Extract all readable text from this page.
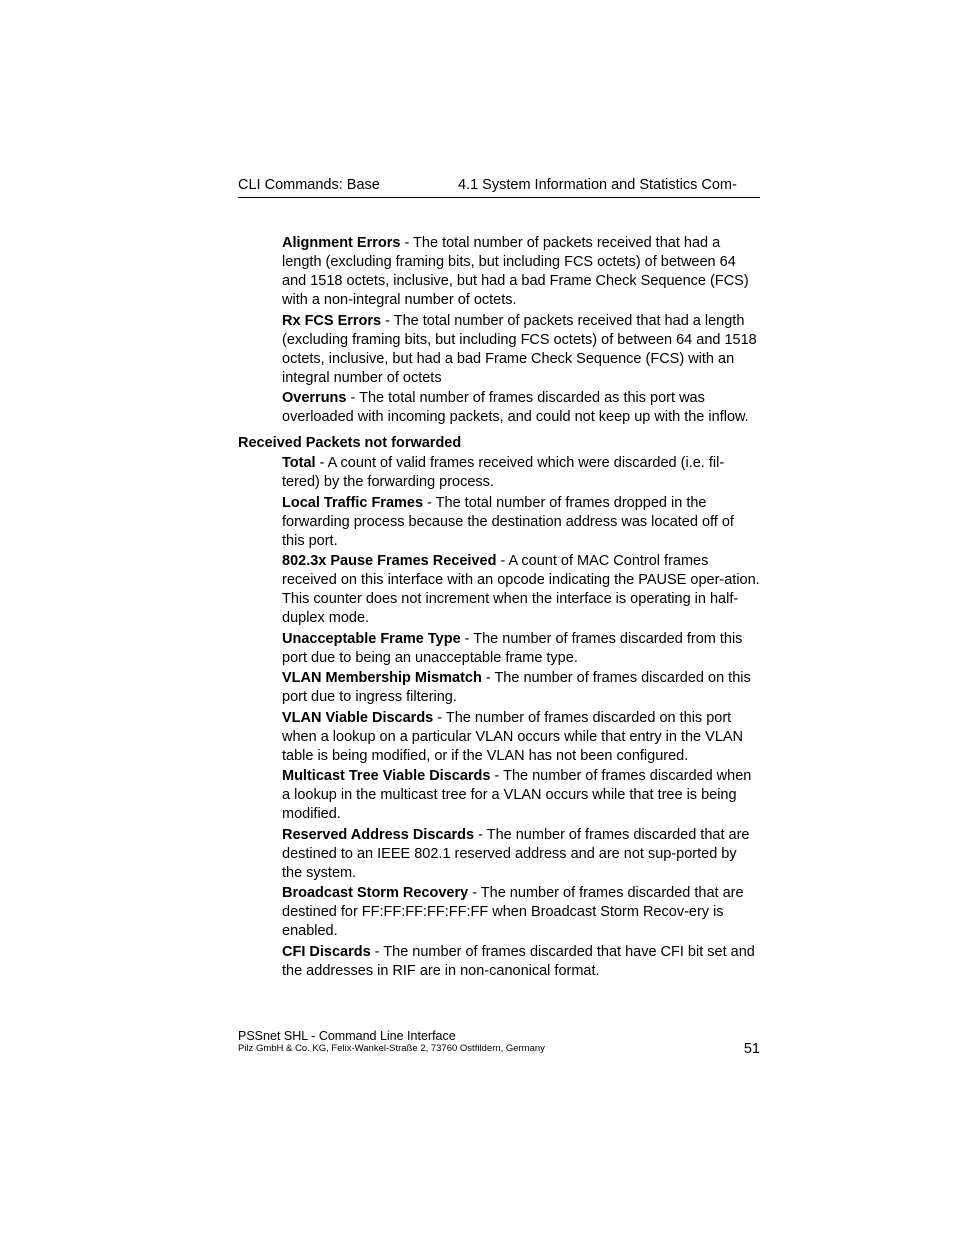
CLI Commands: Base	4.1 System Information and Statistics Com-

Alignment Errors - The total number of packets received that had a length (excluding framing bits, but including FCS octets) of between 64 and 1518 octets, inclusive, but had a bad Frame Check Sequence (FCS) with a non-integral number of octets.

Rx FCS Errors - The total number of packets received that had a length (excluding framing bits, but including FCS octets) of between 64 and 1518 octets, inclusive, but had a bad Frame Check Sequence (FCS) with an integral number of octets

Overruns - The total number of frames discarded as this port was overloaded with incoming packets, and could not keep up with the inflow.

Received Packets not forwarded

Total - A count of valid frames received which were discarded (i.e. fil-tered) by the forwarding process.

Local Traffic Frames - The total number of frames dropped in the forwarding process because the destination address was located off of this port.

802.3x Pause Frames Received - A count of MAC Control frames received on this interface with an opcode indicating the PAUSE oper-ation. This counter does not increment when the interface is operating in half-duplex mode.

Unacceptable Frame Type - The number of frames discarded from this port due to being an unacceptable frame type.

VLAN Membership Mismatch - The number of frames discarded on this port due to ingress filtering.

VLAN Viable Discards - The number of frames discarded on this port when a lookup on a particular VLAN occurs while that entry in the VLAN table is being modified, or if the VLAN has not been configured.

Multicast Tree Viable Discards - The number of frames discarded when a lookup in the multicast tree for a VLAN occurs while that tree is being modified.

Reserved Address Discards - The number of frames discarded that are destined to an IEEE 802.1 reserved address and are not sup-ported by the system.

Broadcast Storm Recovery - The number of frames discarded that are destined for FF:FF:FF:FF:FF:FF when Broadcast Storm Recov-ery is enabled.

CFI Discards - The number of frames discarded that have CFI bit set and the addresses in RIF are in non-canonical format.

PSSnet SHL - Command Line Interface
Pilz GmbH & Co. KG, Felix-Wankel-Straße 2, 73760 Ostfildern, Germany	51
